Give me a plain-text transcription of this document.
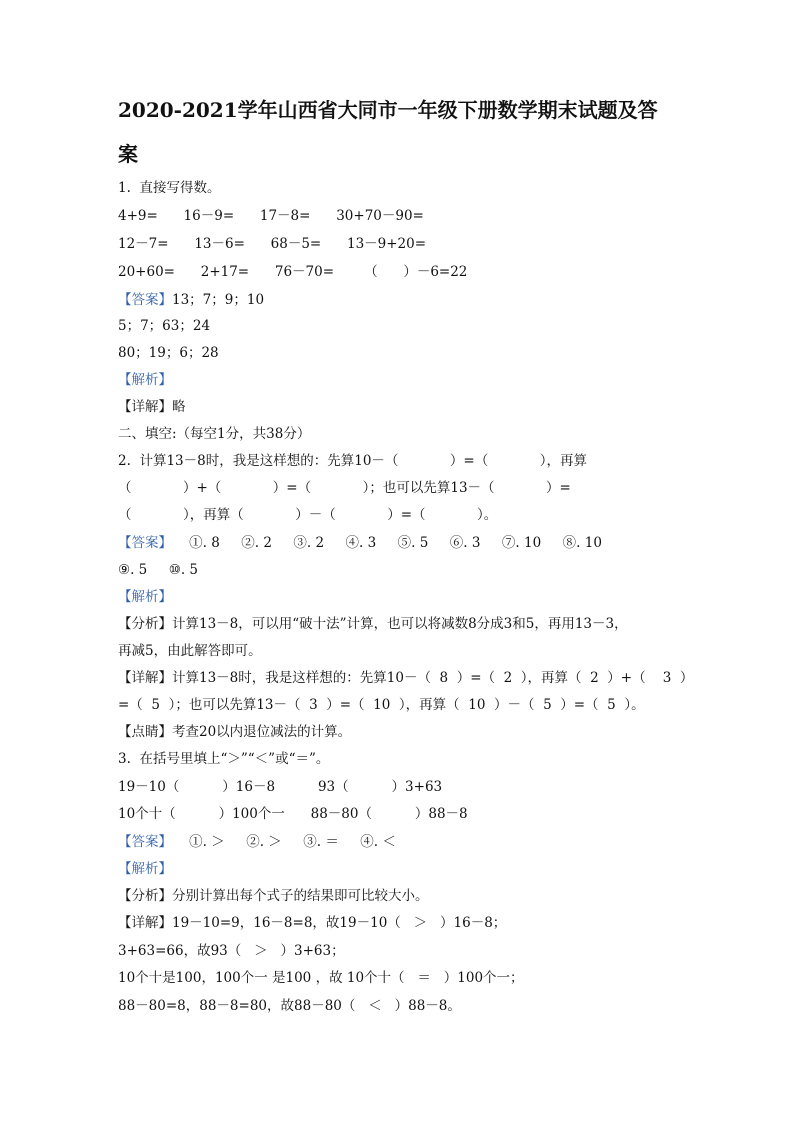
2020-2021学年山西省大同市一年级下册数学期末试题及答
案
1.  直接写得数。
4+9=      16－9=      17－8=      30+70－90=
12－7=      13－6=      68－5=      13－9+20=
20+60=      2+17=      76－70=       （      ）－6=22
【答案】13；7；9；10
5；7；63；24
80；19；6；28
【解析】
【详解】略
二、填空:（每空1分，共38分）
2.  计算13－8时，我是这样想的：先算10－（            ）=（            ），再算
（            ）+（            ）=（            ）；也可以先算13－（            ）=
（            ），再算（            ）－（            ）=（            ）。
【答案】    ①. 8     ②. 2     ③. 2     ④. 3     ⑤. 5     ⑥. 3     ⑦. 10     ⑧. 10
⑨. 5     ⑩. 5
【解析】
【分析】计算13－8，可以用“破十法”计算，也可以将减数8分成3和5，再用13－3，
再减5，由此解答即可。
【详解】计算13－8时，我是这样想的：先算10－（  8  ）=（  2  ），再算（  2  ）+（    3  ）
=（  5  ）；也可以先算13－（  3  ）=（  10  ），再算（  10  ）－（  5  ）=（  5  ）。
【点睛】考查20以内退位减法的计算。
3.  在括号里填上“＞”“＜”或“＝”。
19－10（          ）16－8          93（          ）3+63
10个十（          ）100个一      88－80（          ）88－8
【答案】    ①. ＞     ②. ＞     ③. ＝     ④. ＜
【解析】
【分析】分别计算出每个式子的结果即可比较大小。
【详解】19－10=9，16－8=8，故19－10（   ＞   ）16－8；
3+63=66，故93（   ＞   ）3+63；
10个十是100，100个一 是100 ，故 10个十（   ＝   ）100个一；
88－80=8，88－8=80，故88－80（   ＜   ）88－8。
